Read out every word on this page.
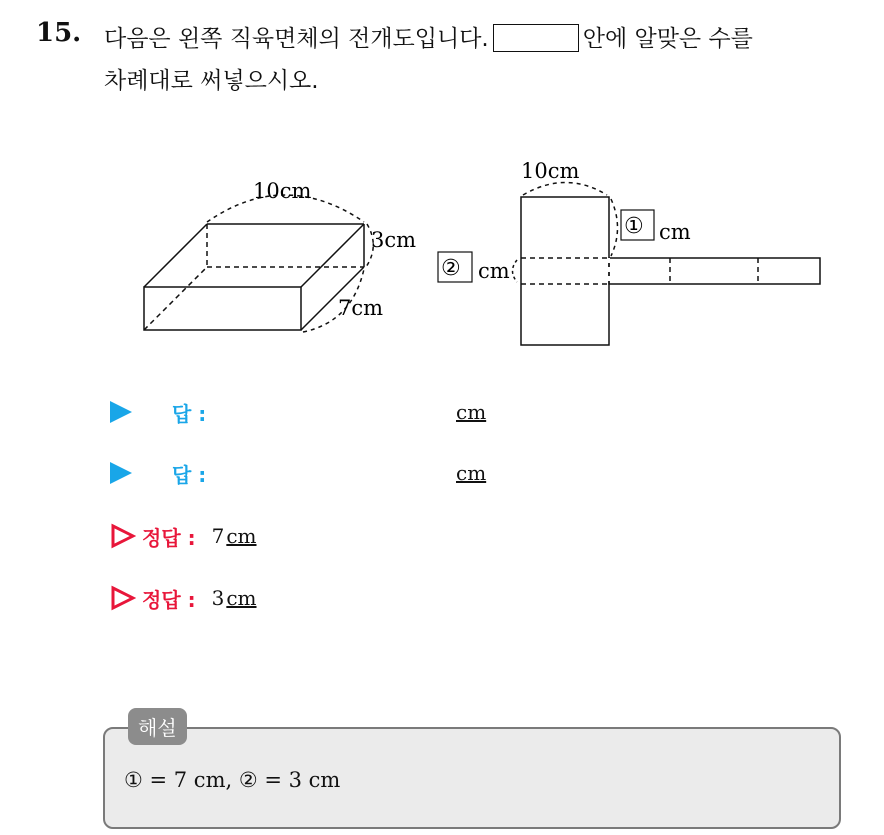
15. 다음은 왼쪽 직육면체의 전개도입니다.	안에 알맞은 수를
차례대로 써넣으시오.
10cm
3cm
7cm
10cm
① cm
② cm
답 :	cm
답 :	cm
정답 : 7 cm
정답 : 3 cm
해설
① = 7 cm, ② = 3 cm
